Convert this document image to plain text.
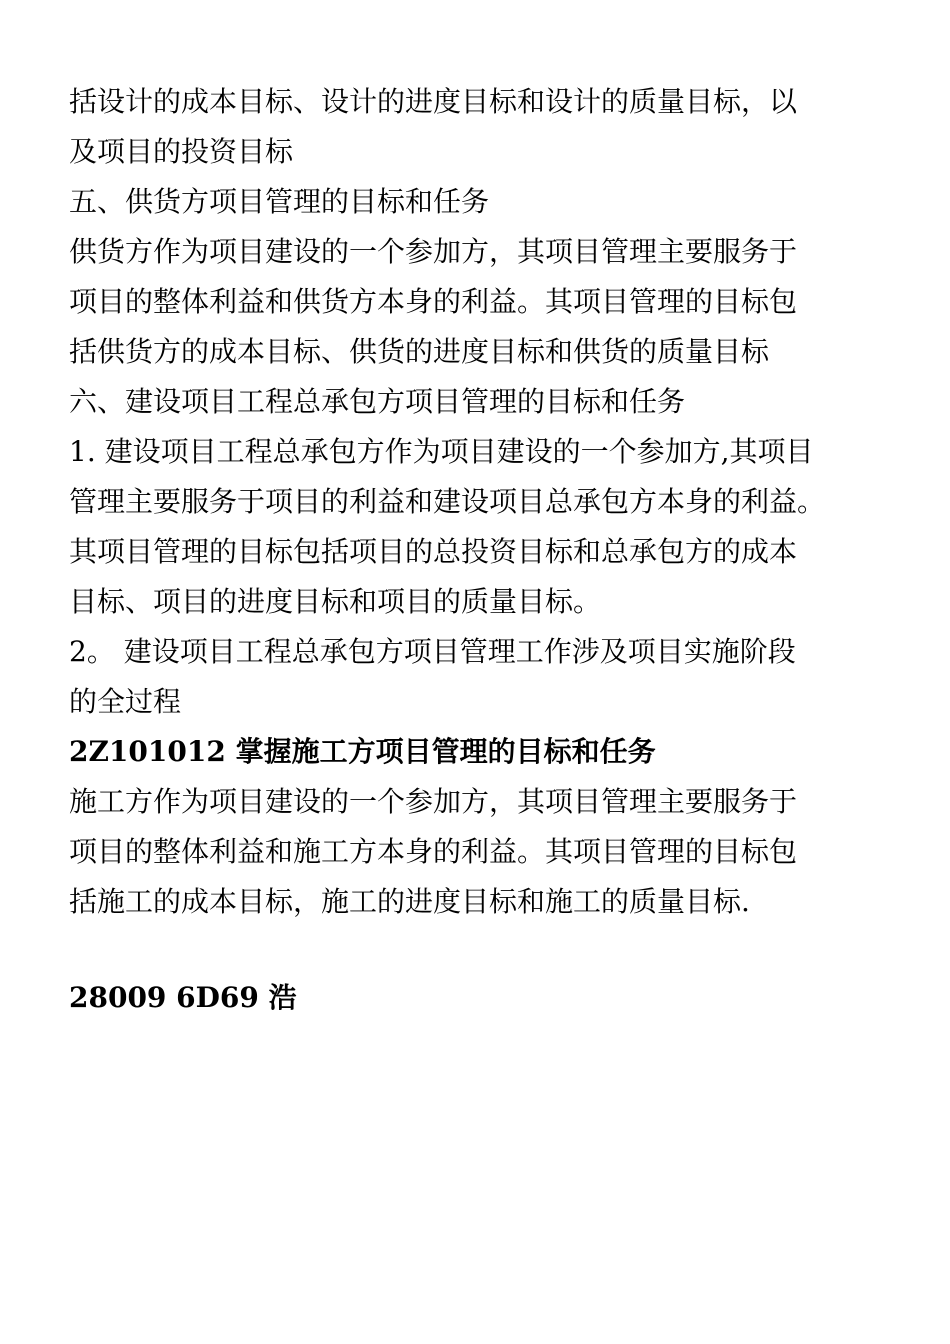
括设计的成本目标、设计的进度目标和设计的质量目标，以
及项目的投资目标
五、供货方项目管理的目标和任务
供货方作为项目建设的一个参加方，其项目管理主要服务于
项目的整体利益和供货方本身的利益。其项目管理的目标包
括供货方的成本目标、供货的进度目标和供货的质量目标
六、建设项目工程总承包方项目管理的目标和任务
1. 建设项目工程总承包方作为项目建设的一个参加方,其项目
管理主要服务于项目的利益和建设项目总承包方本身的利益。
其项目管理的目标包括项目的总投资目标和总承包方的成本
目标、项目的进度目标和项目的质量目标。
2。 建设项目工程总承包方项目管理工作涉及项目实施阶段
的全过程
2Z101012 掌握施工方项目管理的目标和任务
施工方作为项目建设的一个参加方，其项目管理主要服务于
项目的整体利益和施工方本身的利益。其项目管理的目标包
括施工的成本目标，施工的进度目标和施工的质量目标.
28009 6D69 浩
